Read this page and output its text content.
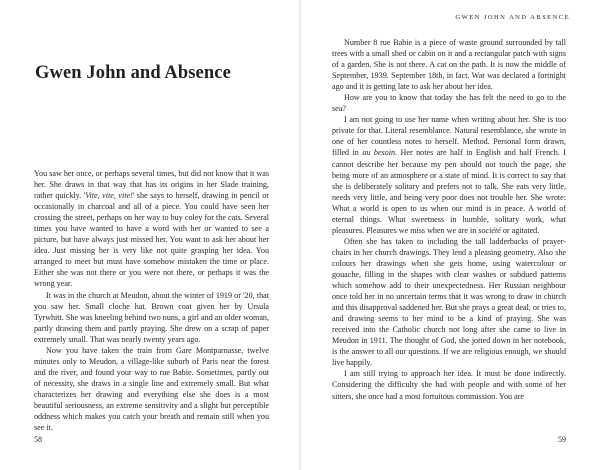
Gwen John and Absence

You saw her once, or perhaps several times, but did not know that it was her. She draws in that way that has its origins in her Slade training, rather quickly. 'Vite, vite, vite!' she says to herself, drawing in pencil or occasionally in charcoal and all of a piece. You could have seen her crossing the street, perhaps on her way to buy coley for the cats. Several times you have wanted to have a word with her or wanted to see a picture, but have always just missed her. You want to ask her about her idea. Just missing her is very like not quite grasping her idea. You arranged to meet but must have somehow mistaken the time or place. Either she was not there or you were not there, or perhaps it was the wrong year.

It was in the church at Meudon, about the winter of 1919 or '20, that you saw her. Small cloche hat. Brown coat given her by Ursula Tyrwhitt. She was kneeling behind two nuns, a girl and an older woman, partly drawing them and partly praying. She drew on a scrap of paper extremely small. That was nearly twenty years ago.

Now you have taken the train from Gare Montparnasse, twelve minutes only to Meudon, a village-like suburb of Paris near the forest and the river, and found your way to rue Babie. Sometimes, partly out of necessity, she draws in a single line and extremely small. But what characterizes her drawing and everything else she does is a most beautiful seriousness, an extreme sensitivity and a slight but perceptible oddness which makes you catch your breath and remain still when you see it.

58
GWEN JOHN AND ABSENCE

Number 8 rue Babie is a piece of waste ground surrounded by tall trees with a small shed or cabin on it and a rectangular patch with signs of a garden. She is not there. A cat on the path. It is now the middle of September, 1939. September 18th, in fact. War was declared a fortnight ago and it is getting late to ask her about her idea.

How are you to know that today she has felt the need to go to the sea?

I am not going to use her name when writing about her. She is too private for that. Literal resemblance. Natural resemblance, she wrote in one of her countless notes to herself. Method. Personal form drawn, filled in au besoin. Her notes are half in English and half French. I cannot describe her because my pen should not touch the page, she being more of an atmosphere or a state of mind. It is correct to say that she is deliberately solitary and prefers not to talk. She eats very little, needs very little, and being very poor does not trouble her. She wrote: What a world is open to us when our mind is in peace. A world of eternal things. What sweetness in humble, solitary work, what pleasures. Pleasures we miss when we are in société or agitated.

Often she has taken to including the tall ladderbacks of prayer-chairs in her church drawings. They lend a pleasing geometry. Also she colours her drawings when she gets home, using watercolour or gouache, filling in the shapes with clear washes or subdued patterns which somehow add to their unexpectedness. Her Russian neighbour once told her in no uncertain terms that it was wrong to draw in church and this disapproval saddened her. But she prays a great deal, or tries to, and drawing seems to her mind to be a kind of praying. She was received into the Catholic church not long after she came to live in Meudon in 1911. The thought of God, she jotted down in her notebook, is the answer to all our questions. If we are religious enough, we should live happily.

I am still trying to approach her idea. It must be done indirectly. Considering the difficulty she had with people and with some of her sitters, she once had a most fortuitous commission. You are

59
